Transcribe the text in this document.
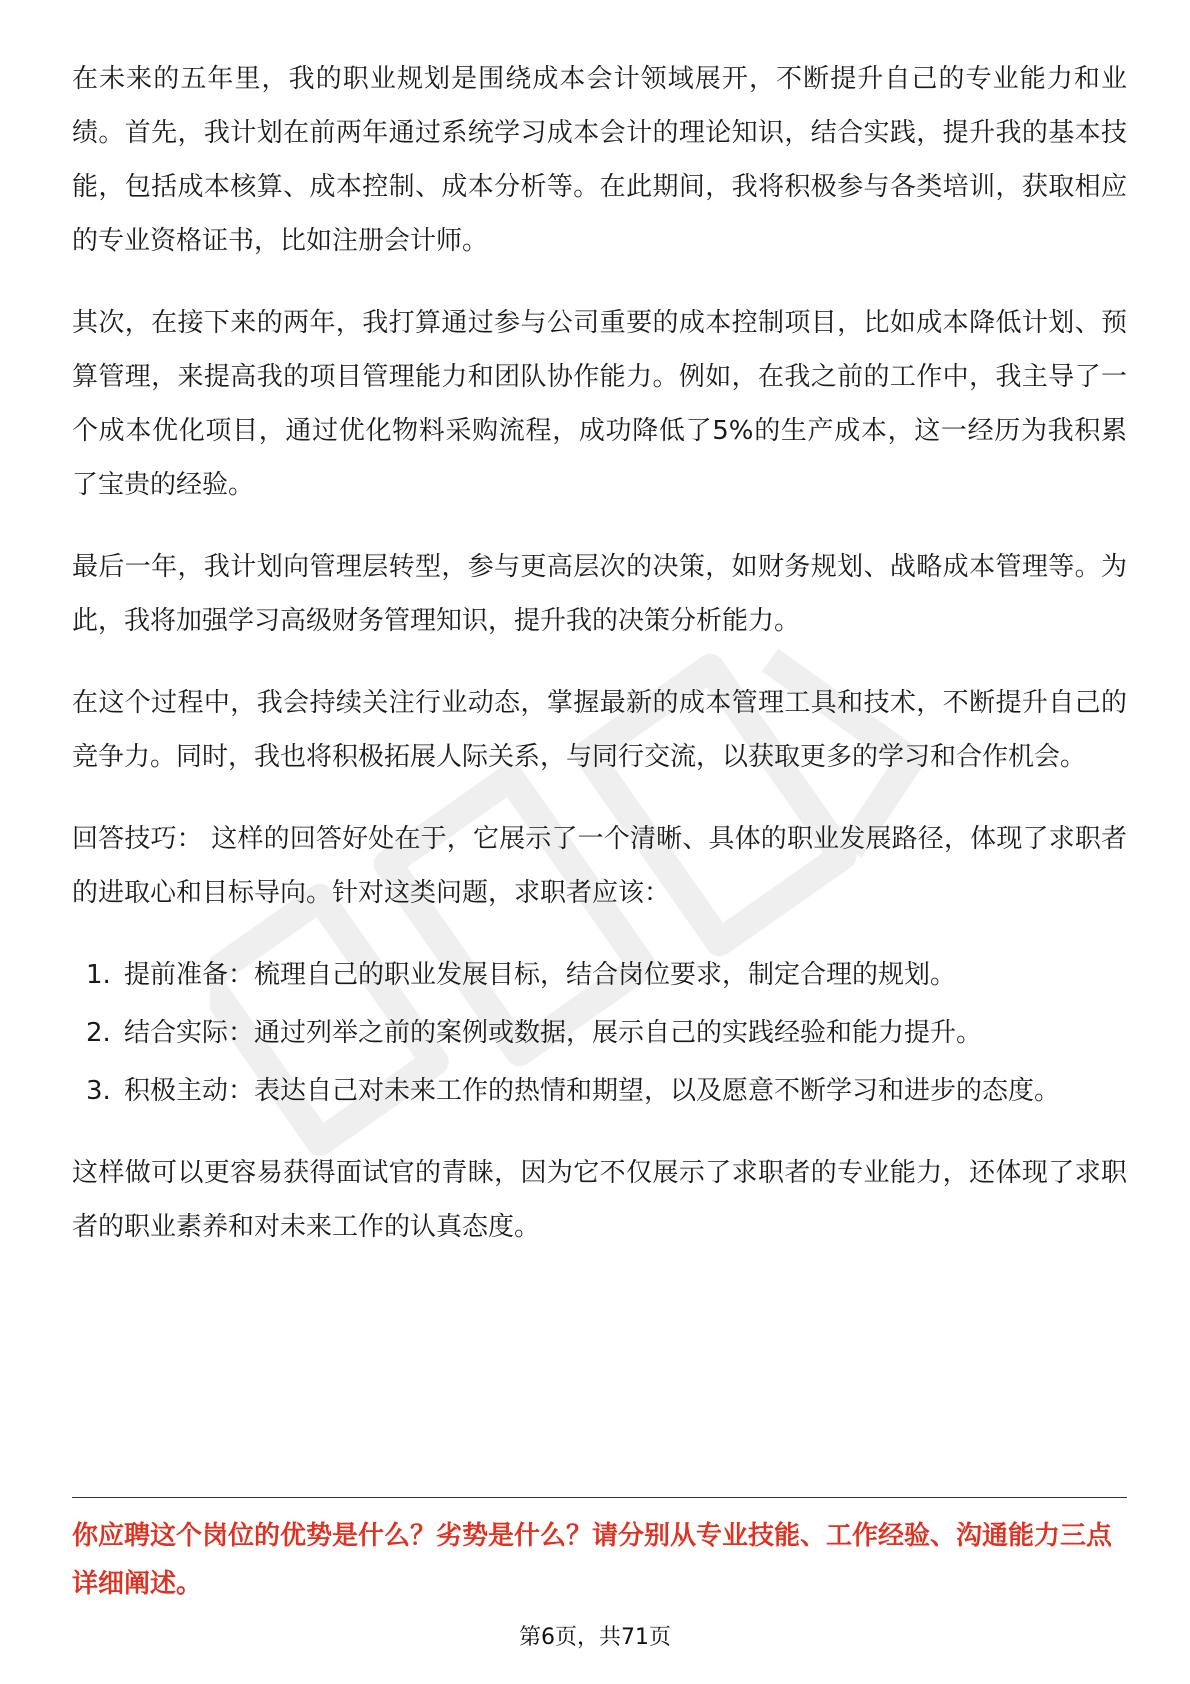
在未来的五年里，我的职业规划是围绕成本会计领域展开，不断提升自己的专业能力和业绩。首先，我计划在前两年通过系统学习成本会计的理论知识，结合实践，提升我的基本技能，包括成本核算、成本控制、成本分析等。在此期间，我将积极参与各类培训，获取相应的专业资格证书，比如注册会计师。

其次，在接下来的两年，我打算通过参与公司重要的成本控制项目，比如成本降低计划、预算管理，来提高我的项目管理能力和团队协作能力。例如，在我之前的工作中，我主导了一个成本优化项目，通过优化物料采购流程，成功降低了5%的生产成本，这一经历为我积累了宝贵的经验。

最后一年，我计划向管理层转型，参与更高层次的决策，如财务规划、战略成本管理等。为此，我将加强学习高级财务管理知识，提升我的决策分析能力。

在这个过程中，我会持续关注行业动态，掌握最新的成本管理工具和技术，不断提升自己的竞争力。同时，我也将积极拓展人际关系，与同行交流，以获取更多的学习和合作机会。

回答技巧： 这样的回答好处在于，它展示了一个清晰、具体的职业发展路径，体现了求职者的进取心和目标导向。针对这类问题，求职者应该：

1. 提前准备：梳理自己的职业发展目标，结合岗位要求，制定合理的规划。
2. 结合实际：通过列举之前的案例或数据，展示自己的实践经验和能力提升。
3. 积极主动：表达自己对未来工作的热情和期望，以及愿意不断学习和进步的态度。

这样做可以更容易获得面试官的青睐，因为它不仅展示了求职者的专业能力，还体现了求职者的职业素养和对未来工作的认真态度。

你应聘这个岗位的优势是什么？劣势是什么？请分别从专业技能、工作经验、沟通能力三点详细阐述。
第6页，共71页
